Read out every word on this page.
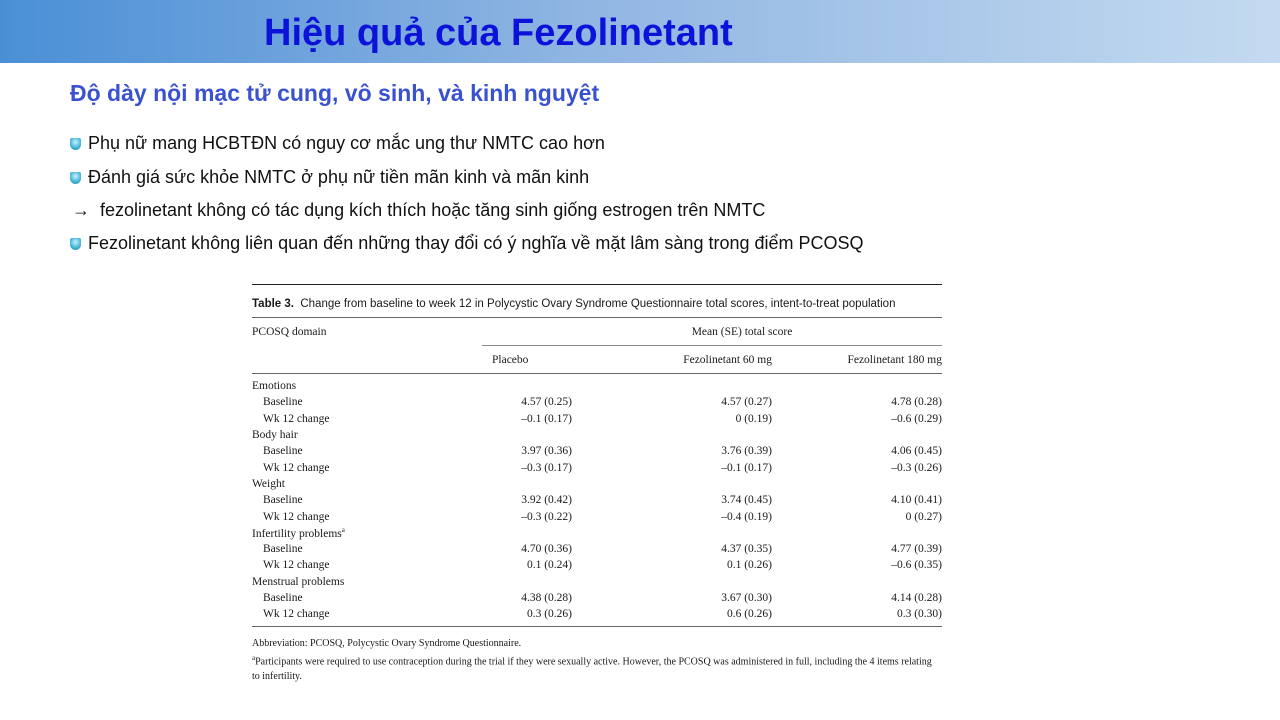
Hiệu quả của Fezolinetant
Độ dày nội mạc tử cung, vô sinh, và kinh nguyệt
Phụ nữ mang HCBTĐN có nguy cơ mắc ung thư NMTC cao hơn
Đánh giá sức khỏe NMTC ở phụ nữ tiền mãn kinh và mãn kinh
→ fezolinetant không có tác dụng kích thích hoặc tăng sinh giống estrogen trên NMTC
Fezolinetant không liên quan đến những thay đổi có ý nghĩa về mặt lâm sàng trong điểm PCOSQ
Table 3. Change from baseline to week 12 in Polycystic Ovary Syndrome Questionnaire total scores, intent-to-treat population
PCOSQ domain	Mean (SE) total score		
	Placebo	Fezolinetant 60 mg	Fezolinetant 180 mg

Emotions			
Baseline	4.57 (0.25)	4.57 (0.27)	4.78 (0.28)
Wk 12 change	–0.1 (0.17)	0 (0.19)	–0.6 (0.29)
Body hair			
Baseline	3.97 (0.36)	3.76 (0.39)	4.06 (0.45)
Wk 12 change	–0.3 (0.17)	–0.1 (0.17)	–0.3 (0.26)
Weight			
Baseline	3.92 (0.42)	3.74 (0.45)	4.10 (0.41)
Wk 12 change	–0.3 (0.22)	–0.4 (0.19)	0 (0.27)
Infertility problems$^a$
Baseline	4.70 (0.36)	4.37 (0.35)	4.77 (0.39)
Wk 12 change	0.1 (0.24)	0.1 (0.26)	–0.6 (0.35)
Menstrual problems			
Baseline	4.38 (0.28)	3.67 (0.30)	4.14 (0.28)
Wk 12 change	0.3 (0.26)	0.6 (0.26)	0.3 (0.30)
Abbreviation: PCOSQ, Polycystic Ovary Syndrome Questionnaire.
$^a$Participants were required to use contraception during the trial if they were sexually active. However, the PCOSQ was administered in full, including the 4 items relating to infertility.
